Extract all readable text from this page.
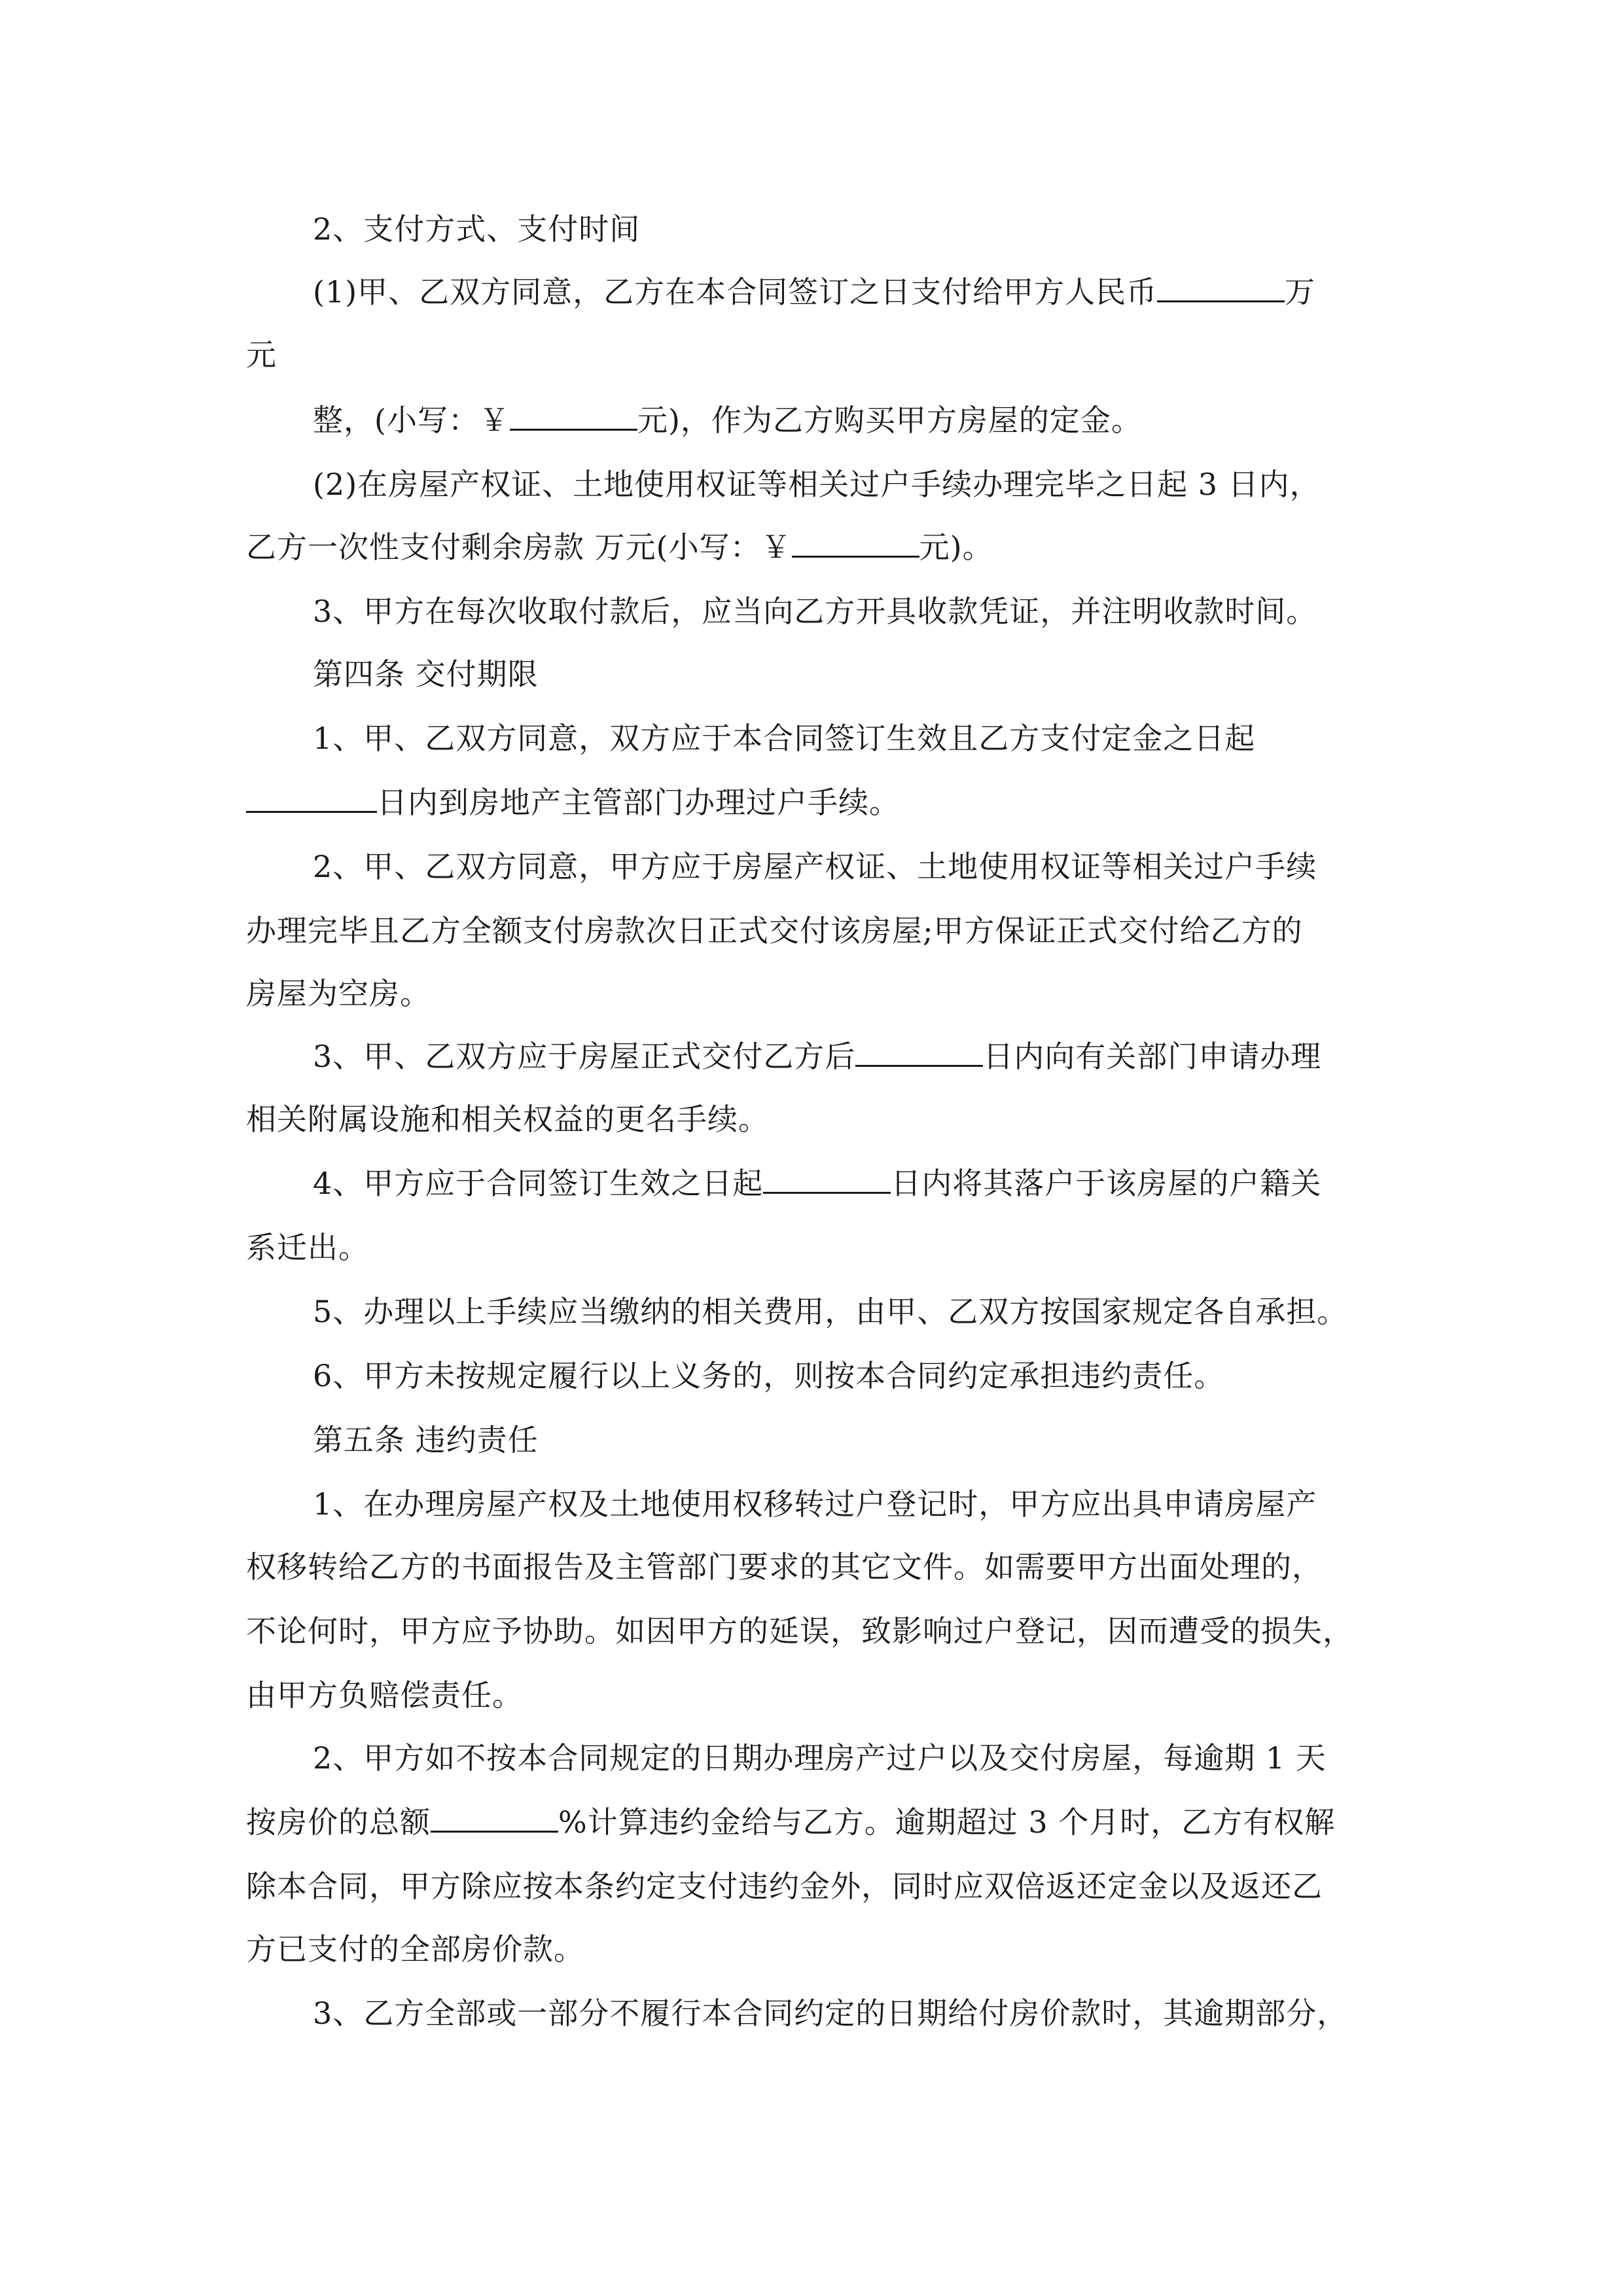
2、支付方式、支付时间
(1)甲、乙双方同意，乙方在本合同签订之日支付给甲方人民币	万
元
整，(小写：￥	元)，作为乙方购买甲方房屋的定金。
(2)在房屋产权证、土地使用权证等相关过户手续办理完毕之日起 3 日内，
乙方一次性支付剩余房款 万元(小写：￥	元)。
3、甲方在每次收取付款后，应当向乙方开具收款凭证，并注明收款时间。
第四条 交付期限
1、甲、乙双方同意，双方应于本合同签订生效且乙方支付定金之日起
日内到房地产主管部门办理过户手续。
2、甲、乙双方同意，甲方应于房屋产权证、土地使用权证等相关过户手续
办理完毕且乙方全额支付房款次日正式交付该房屋;甲方保证正式交付给乙方的
房屋为空房。
3、甲、乙双方应于房屋正式交付乙方后	日内向有关部门申请办理
相关附属设施和相关权益的更名手续。
4、甲方应于合同签订生效之日起	日内将其落户于该房屋的户籍关
系迁出。
5、办理以上手续应当缴纳的相关费用，由甲、乙双方按国家规定各自承担。
6、甲方未按规定履行以上义务的，则按本合同约定承担违约责任。
第五条 违约责任
1、在办理房屋产权及土地使用权移转过户登记时，甲方应出具申请房屋产
权移转给乙方的书面报告及主管部门要求的其它文件。如需要甲方出面处理的，
不论何时，甲方应予协助。如因甲方的延误，致影响过户登记，因而遭受的损失，
由甲方负赔偿责任。
2、甲方如不按本合同规定的日期办理房产过户以及交付房屋，每逾期 1 天
按房价的总额	%计算违约金给与乙方。逾期超过 3 个月时，乙方有权解
除本合同，甲方除应按本条约定支付违约金外，同时应双倍返还定金以及返还乙
方已支付的全部房价款。
3、乙方全部或一部分不履行本合同约定的日期给付房价款时，其逾期部分，
